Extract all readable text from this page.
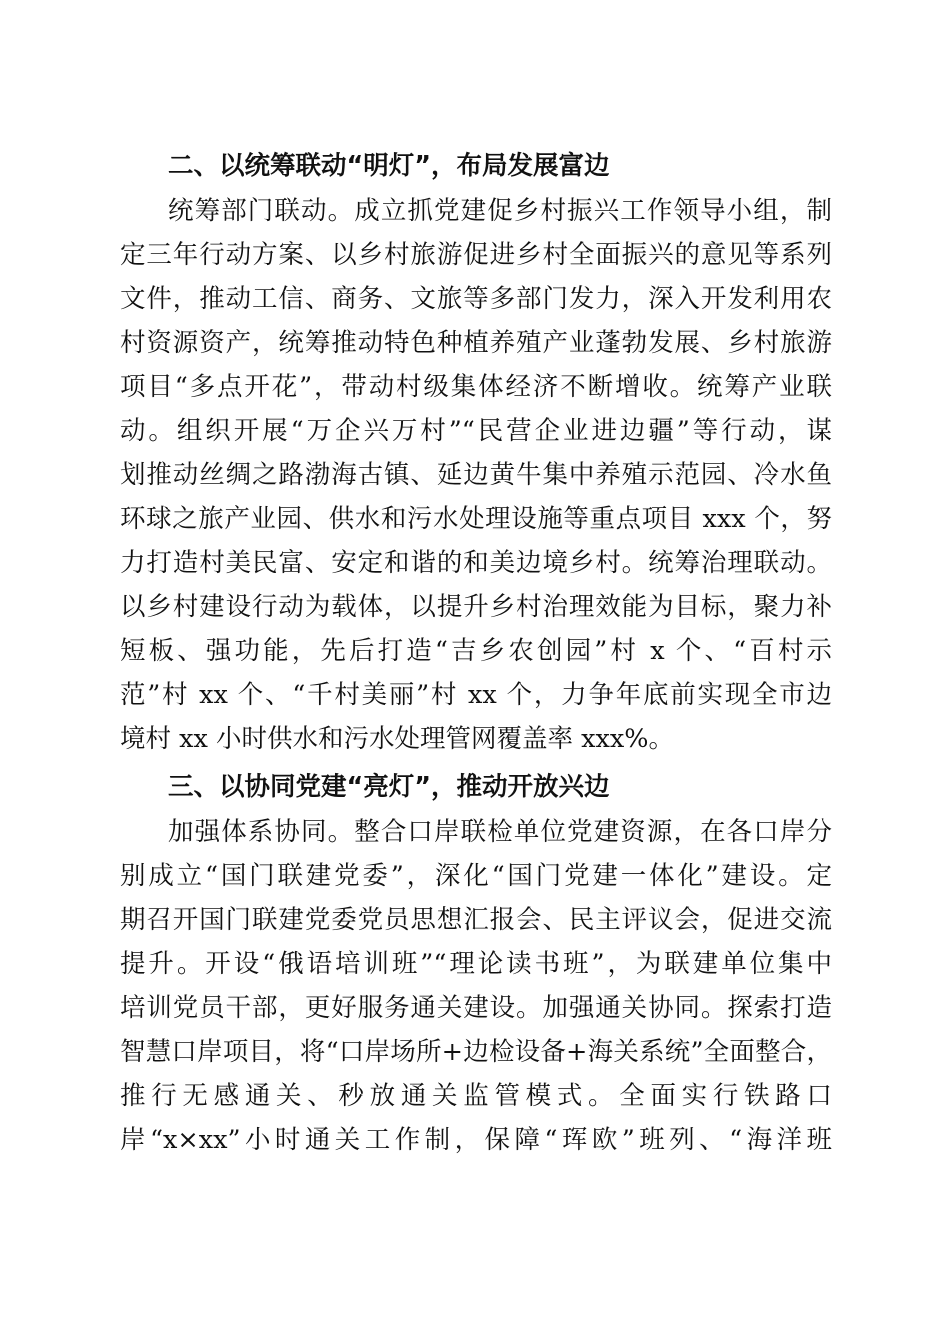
二、以统筹联动“明灯”，布局发展富边
统筹部门联动。成立抓党建促乡村振兴工作领导小组，制
定三年行动方案、以乡村旅游促进乡村全面振兴的意见等系列
文件，推动工信、商务、文旅等多部门发力，深入开发利用农
村资源资产，统筹推动特色种植养殖产业蓬勃发展、乡村旅游
项目“多点开花”，带动村级集体经济不断增收。统筹产业联
动。组织开展“万企兴万村”“民营企业进边疆”等行动，谋
划推动丝绸之路渤海古镇、延边黄牛集中养殖示范园、冷水鱼
环球之旅产业园、供水和污水处理设施等重点项目 xxx 个，努
力打造村美民富、安定和谐的和美边境乡村。统筹治理联动。
以乡村建设行动为载体，以提升乡村治理效能为目标，聚力补
短板、强功能，先后打造“吉乡农创园”村 x 个、“百村示
范”村 xx 个、“千村美丽”村 xx 个，力争年底前实现全市边
境村 xx 小时供水和污水处理管网覆盖率 xxx%。
三、以协同党建“亮灯”，推动开放兴边
加强体系协同。整合口岸联检单位党建资源，在各口岸分
别成立“国门联建党委”，深化“国门党建一体化”建设。定
期召开国门联建党委党员思想汇报会、民主评议会，促进交流
提升。开设“俄语培训班”“理论读书班”，为联建单位集中
培训党员干部，更好服务通关建设。加强通关协同。探索打造
智慧口岸项目，将“口岸场所+边检设备+海关系统”全面整合，
推行无感通关、秒放通关监管模式。全面实行铁路口
岸“x×xx”小时通关工作制，保障“珲欧”班列、“海洋班
